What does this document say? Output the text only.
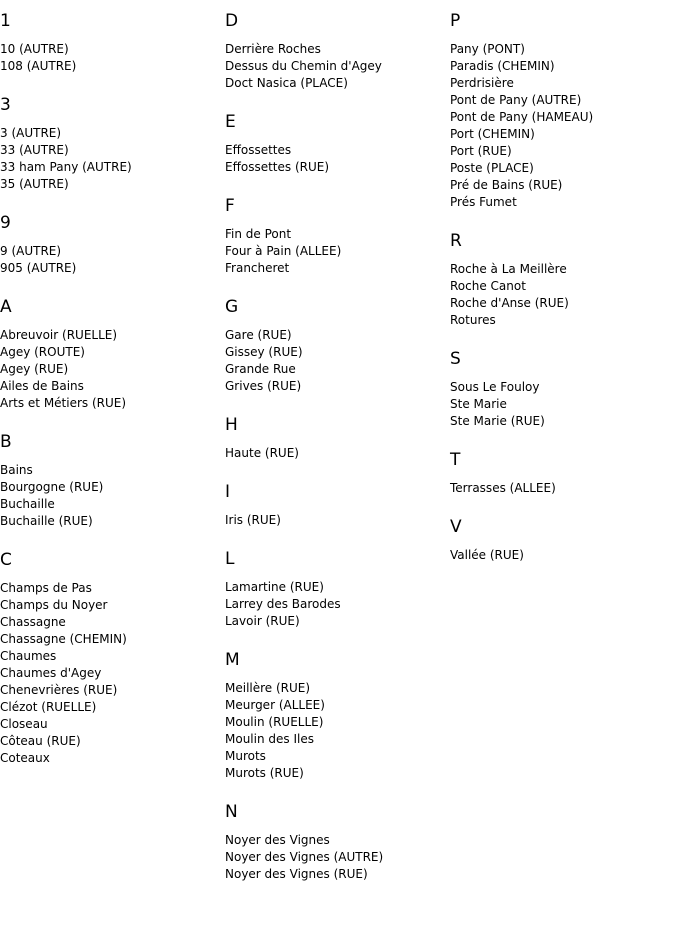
1
10 (AUTRE)
108 (AUTRE)
3
3 (AUTRE)
33 (AUTRE)
33 ham Pany (AUTRE)
35 (AUTRE)
9
9 (AUTRE)
905 (AUTRE)
A
Abreuvoir (RUELLE)
Agey (ROUTE)
Agey (RUE)
Ailes de Bains
Arts et Métiers (RUE)
B
Bains
Bourgogne (RUE)
Buchaille
Buchaille (RUE)
C
Champs de Pas
Champs du Noyer
Chassagne
Chassagne (CHEMIN)
Chaumes
Chaumes d'Agey
Chenevrières (RUE)
Clézot (RUELLE)
Closeau
Côteau (RUE)
Coteaux
D
Derrière Roches
Dessus du Chemin d'Agey
Doct Nasica (PLACE)
E
Effossettes
Effossettes (RUE)
F
Fin de Pont
Four à Pain (ALLEE)
Francheret
G
Gare (RUE)
Gissey (RUE)
Grande Rue
Grives (RUE)
H
Haute (RUE)
I
Iris (RUE)
L
Lamartine (RUE)
Larrey des Barodes
Lavoir (RUE)
M
Meillère (RUE)
Meurger (ALLEE)
Moulin (RUELLE)
Moulin des Iles
Murots
Murots (RUE)
N
Noyer des Vignes
Noyer des Vignes (AUTRE)
Noyer des Vignes (RUE)
P
Pany (PONT)
Paradis (CHEMIN)
Perdrisière
Pont de Pany (AUTRE)
Pont de Pany (HAMEAU)
Port (CHEMIN)
Port (RUE)
Poste (PLACE)
Pré de Bains (RUE)
Prés Fumet
R
Roche à La Meillère
Roche Canot
Roche d'Anse (RUE)
Rotures
S
Sous Le Fouloy
Ste Marie
Ste Marie (RUE)
T
Terrasses (ALLEE)
V
Vallée (RUE)
